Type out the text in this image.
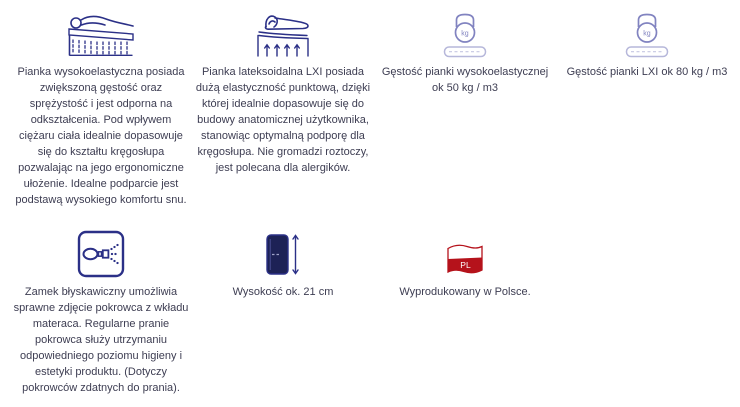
Pianka wysokoelastyczna posiada zwiększoną gęstość oraz sprężystość i jest odporna na odkształcenia. Pod wpływem ciężaru ciała idealnie dopasowuje się do kształtu kręgosłupa pozwalając na jego ergonomiczne ułożenie. Idealne podparcie jest podstawą wysokiego komfortu snu.

Pianka lateksoidalna LXI posiada dużą elastyczność punktową, dzięki której idealnie dopasowuje się do budowy anatomicznej użytkownika, stanowiąc optymalną podporę dla kręgosłupa. Nie gromadzi roztoczy, jest polecana dla alergików.

kg

Gęstość pianki wysokoelastycznej ok 50 kg / m3

kg

Gęstość pianki LXI ok 80 kg / m3

Zamek błyskawiczny umożliwia sprawne zdjęcie pokrowca z wkładu materaca. Regularne pranie pokrowca służy utrzymaniu odpowiedniego poziomu higieny i estetyki produktu. (Dotyczy pokrowców zdatnych do prania).

Wysokość ok. 21 cm

PL

Wyprodukowany w Polsce.
